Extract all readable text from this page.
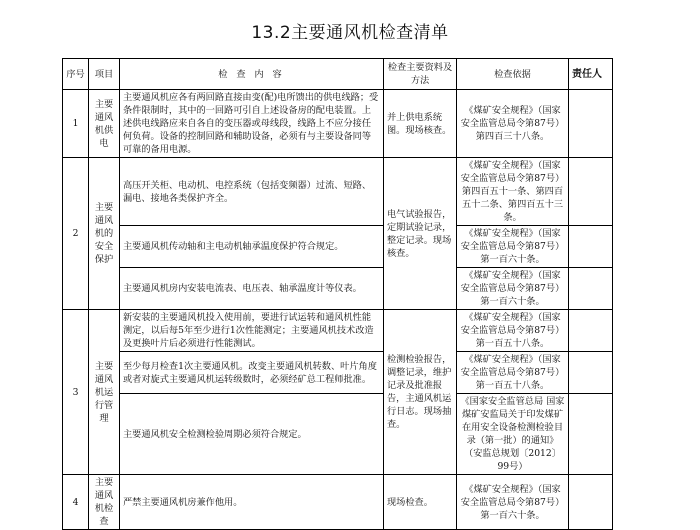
13.2主要通风机检查清单
序号	项目	检 查 内 容	检查主要资料及方法	检查依据	责任人
1	主要通风机供电	主要通风机应各有两回路直接由变(配)电所馈出的供电线路；受条件限制时，其中的一回路可引自上述设备房的配电装置。上述供电线路应来自各自的变压器或母线段，线路上不应分接任何负荷。设备的控制回路和辅助设备，必须有与主要设备同等可靠的备用电源。	并上供电系统图。现场核查。	《煤矿安全规程》（国家安全监管总局令第87号）第四百三十八条。	
2	主要通风机的安全保护	高压开关柜、电动机、电控系统（包括变频器）过流、短路、漏电、接地各类保护齐全。	电气试验报告，定期试验记录，整定记录。现场核查。	《煤矿安全规程》（国家安全监管总局令第87号）第四百五十一条、第四百五十二条、第四百五十三条。	
		主要通风机传动轴和主电动机轴承温度保护符合规定。		《煤矿安全规程》（国家安全监管总局令第87号）第一百六十条。	
		主要通风机房内安装电流表、电压表、轴承温度计等仪表。		《煤矿安全规程》（国家安全监管总局令第87号）第一百六十条。	
3	主要通风机运行管理	新安装的主要通风机投入使用前，要进行试运转和通风机性能测定，以后每5年至少进行1次性能测定；主要通风机技术改造及更换叶片后必须进行性能测试。	检测检验报告，调整记录，维护记录及批准报告，主通风机运行日志。现场抽查。	《煤矿安全规程》（国家安全监管总局令第87号）第一百五十八条。	
		至少每月检查1次主要通风机。改变主要通风机转数、叶片角度或者对旋式主要通风机运转级数时，必须经矿总工程师批准。		《煤矿安全规程》（国家安全监管总局令第87号）第一百五十八条。	
		主要通风机安全检测检验周期必须符合规定。		《国家安全监管总局 国家煤矿安监局关于印发煤矿在用安全设备检测检验目录（第一批）的通知》（安监总规划〔2012〕99号）	
4	主要通风机检查	严禁主要通风机房兼作他用。	现场检查。	《煤矿安全规程》（国家安全监管总局令第87号）第一百六十条。	
